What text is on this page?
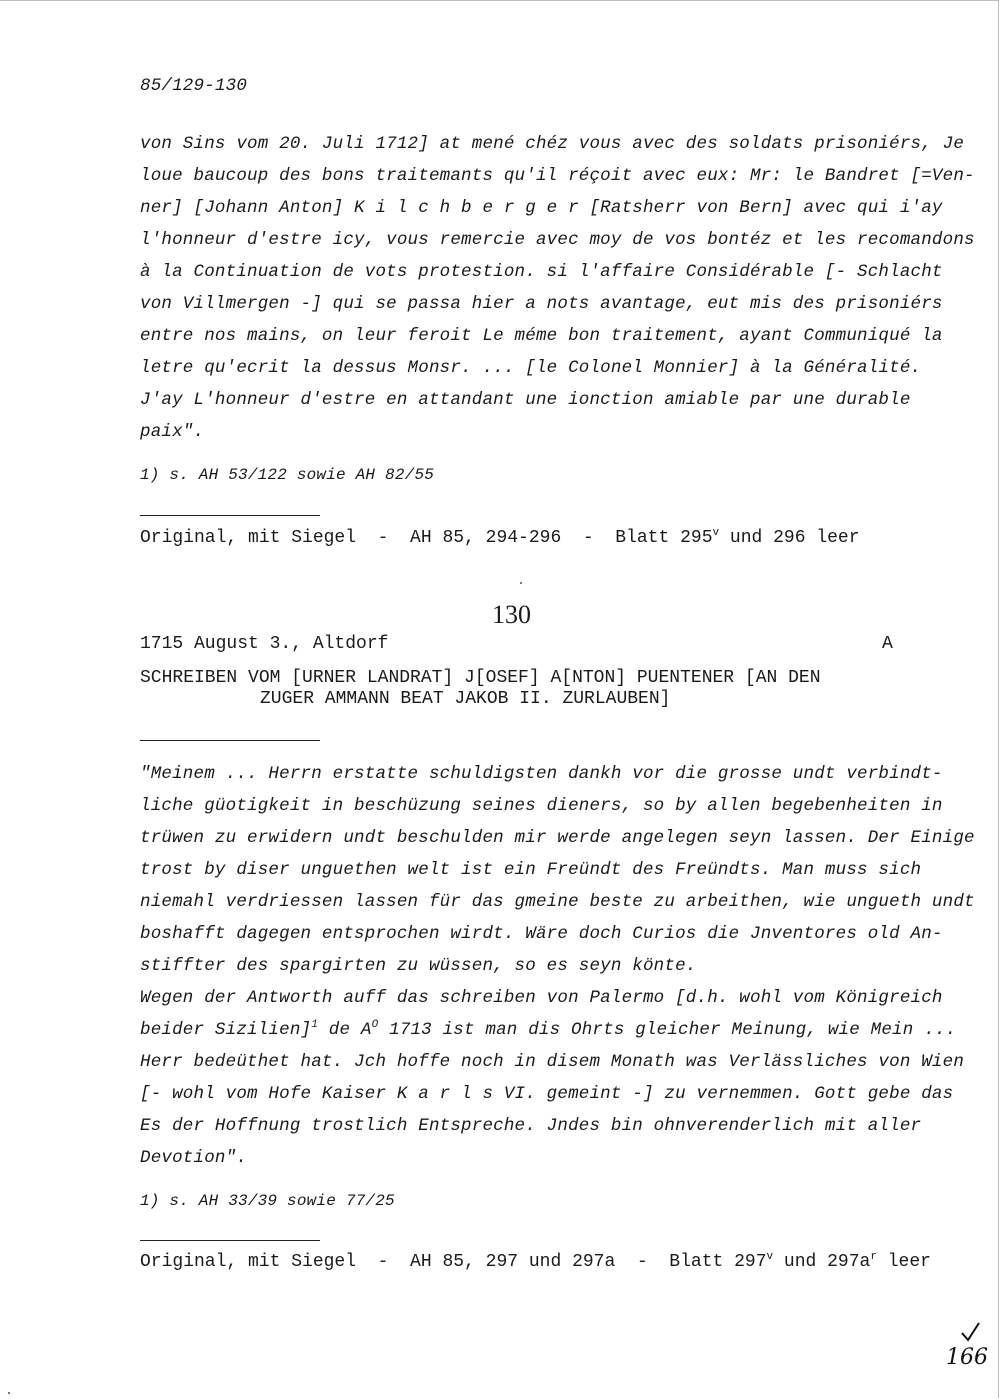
85/129-130
von Sins vom 20. Juli 1712] at mené chéz vous avec des soldats prisoniérs, Je
loue baucoup des bons traitemants qu'il réçoit avec eux: Mr: le Bandret [=Ven-
ner] [Johann Anton] K i l c h b e r g e r [Ratsherr von Bern] avec qui i'ay
l'honneur d'estre icy, vous remercie avec moy de vos bontéz et les recomandons
à la Continuation de vots protestion. si l'affaire Considérable [- Schlacht
von Villmergen -] qui se passa hier a nots avantage, eut mis des prisoniérs
entre nos mains, on leur feroit Le méme bon traitement, ayant Communiqué la
letre qu'ecrit la dessus Monsr. ... [le Colonel Monnier] à la Généralité.
J'ay L'honneur d'estre en attandant une ionction amiable par une durable
paix".
1) s. AH 53/122 sowie AH 82/55
Original, mit Siegel  -  AH 85, 294-296  -  Blatt 295$^v$ und 296 leer
130
1715 August 3., Altdorf	A
SCHREIBEN VOM [URNER LANDRAT] J[OSEF] A[NTON] PUENTENER [AN DEN
ZUGER AMMANN BEAT JAKOB II. ZURLAUBEN]
"Meinem ... Herrn erstatte schuldigsten dankh vor die grosse undt verbindt-
liche güotigkeit in beschüzung seines dieners, so by allen begebenheiten in
trüwen zu erwidern undt beschulden mir werde angelegen seyn lassen. Der Einige
trost by diser unguethen welt ist ein Freündt des Freündts. Man muss sich
niemahl verdriessen lassen für das gmeine beste zu arbeithen, wie ungueth undt
boshafft dagegen entsprochen wirdt. Wäre doch Curios die Jnventores old An-
stiffter des spargirten zu wüssen, so es seyn könte.
Wegen der Antworth auff das schreiben von Palermo [d.h. wohl vom Königreich
beider Sizilien]$^1$ de $A^O$ 1713 ist man dis Ohrts gleicher Meinung, wie Mein ...
Herr bedeüthet hat. Jch hoffe noch in disem Monath was Verlässliches von Wien
[- wohl vom Hofe Kaiser K a r l s VI. gemeint -] zu vernemmen. Gott gebe das
Es der Hoffnung trostlich Entspreche. Jndes bin ohnverenderlich mit aller
Devotion".
1) s. AH 33/39 sowie 77/25
Original, mit Siegel  -  AH 85, 297 und 297a  -  Blatt 297$^v$ und $297a^r$ leer
166
